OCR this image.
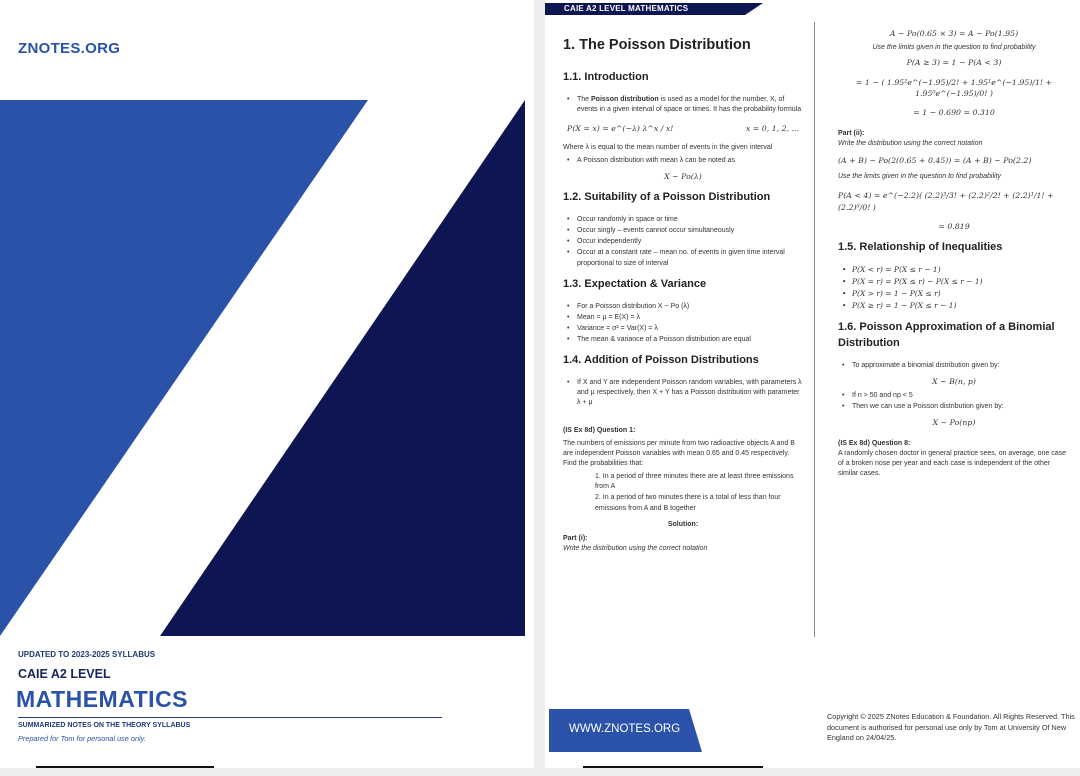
ZNOTES.ORG
UPDATED TO 2023-2025 SYLLABUS
CAIE A2 LEVEL
MATHEMATICS
SUMMARIZED NOTES ON THE THEORY SYLLABUS
Prepared for Tom for personal use only.
CAIE A2 LEVEL MATHEMATICS
1. The Poisson Distribution
1.1. Introduction
• The Poisson distribution is used as a model for the number, X, of events in a given interval of space or times. It has the probability formula
P(X = x) = e^(−λ) λ^x / x!	x = 0, 1, 2, ...

Where λ is equal to the mean number of events in the given interval

• A Poisson distribution with mean λ can be noted as
X ~ Po(λ)
1.2. Suitability of a Poisson Distribution
• Occur randomly in space or time
• Occur singly – events cannot occur simultaneously
• Occur independently
• Occur at a constant rate – mean no. of events in given time interval proportional to size of interval
1.3. Expectation & Variance
• For a Poisson distribution X ~ Po (λ)
• Mean = μ = E(X) = λ
• Variance = σ² = Var(X) = λ
• The mean & variance of a Poisson distribution are equal
1.4. Addition of Poisson Distributions
• If X and Y are independent Poisson random variables, with parameters λ and μ respectively, then X + Y has a Poisson distribution with parameter λ + μ

(IS Ex 8d) Question 1:

The numbers of emissions per minute from two radioactive objects A and B are independent Poisson variables with mean 0.65 and 0.45 respectively. Find the probabilities that:

1. In a period of three minutes there are at least three emissions from A
2. In a period of two minutes there is a total of less than four emissions from A and B together

Solution:

Part (i):

Write the distribution using the correct notation

A ~ Po(0.65 × 3) = A ~ Po(1.95)

Use the limits given in the question to find probability

P(A ≥ 3) = 1 − P(A < 3)
= 1 − ( 1.95²e^(−1.95)/2! + 1.95¹e^(−1.95)/1! + 1.95⁰e^(−1.95)/0! )
= 1 − 0.690 = 0.310

Part (ii):

Write the distribution using the correct notation

(A + B) ~ Po(2(0.65 + 0.45)) = (A + B) ~ Po(2.2)

Use the limits given in the question to find probability

P(A < 4) = e^(−2.2)( (2.2)³/3! + (2.2)²/2! + (2.2)¹/1! + (2.2)⁰/0! )
= 0.819
1.5. Relationship of Inequalities
• P(X < r) = P(X ≤ r − 1)
• P(X = r) = P(X ≤ r) − P(X ≤ r − 1)
• P(X > r) = 1 − P(X ≤ r)
• P(X ≥ r) = 1 − P(X ≤ r − 1)
1.6. Poisson Approximation of a Binomial Distribution
• To approximate a binomial distribution given by:
X ~ B(n, p)
• If n > 50 and np < 5
• Then we can use a Poisson distribution given by:
X ~ Po(np)

(IS Ex 8d) Question 8:

A randomly chosen doctor in general practice sees, on average, one case of a broken nose per year and each case is independent of the other similar cases.

WWW.ZNOTES.ORG
Copyright © 2025 ZNotes Education & Foundation. All Rights Reserved. This document is authorised for personal use only by Tom at University Of New England on 24/04/25.
